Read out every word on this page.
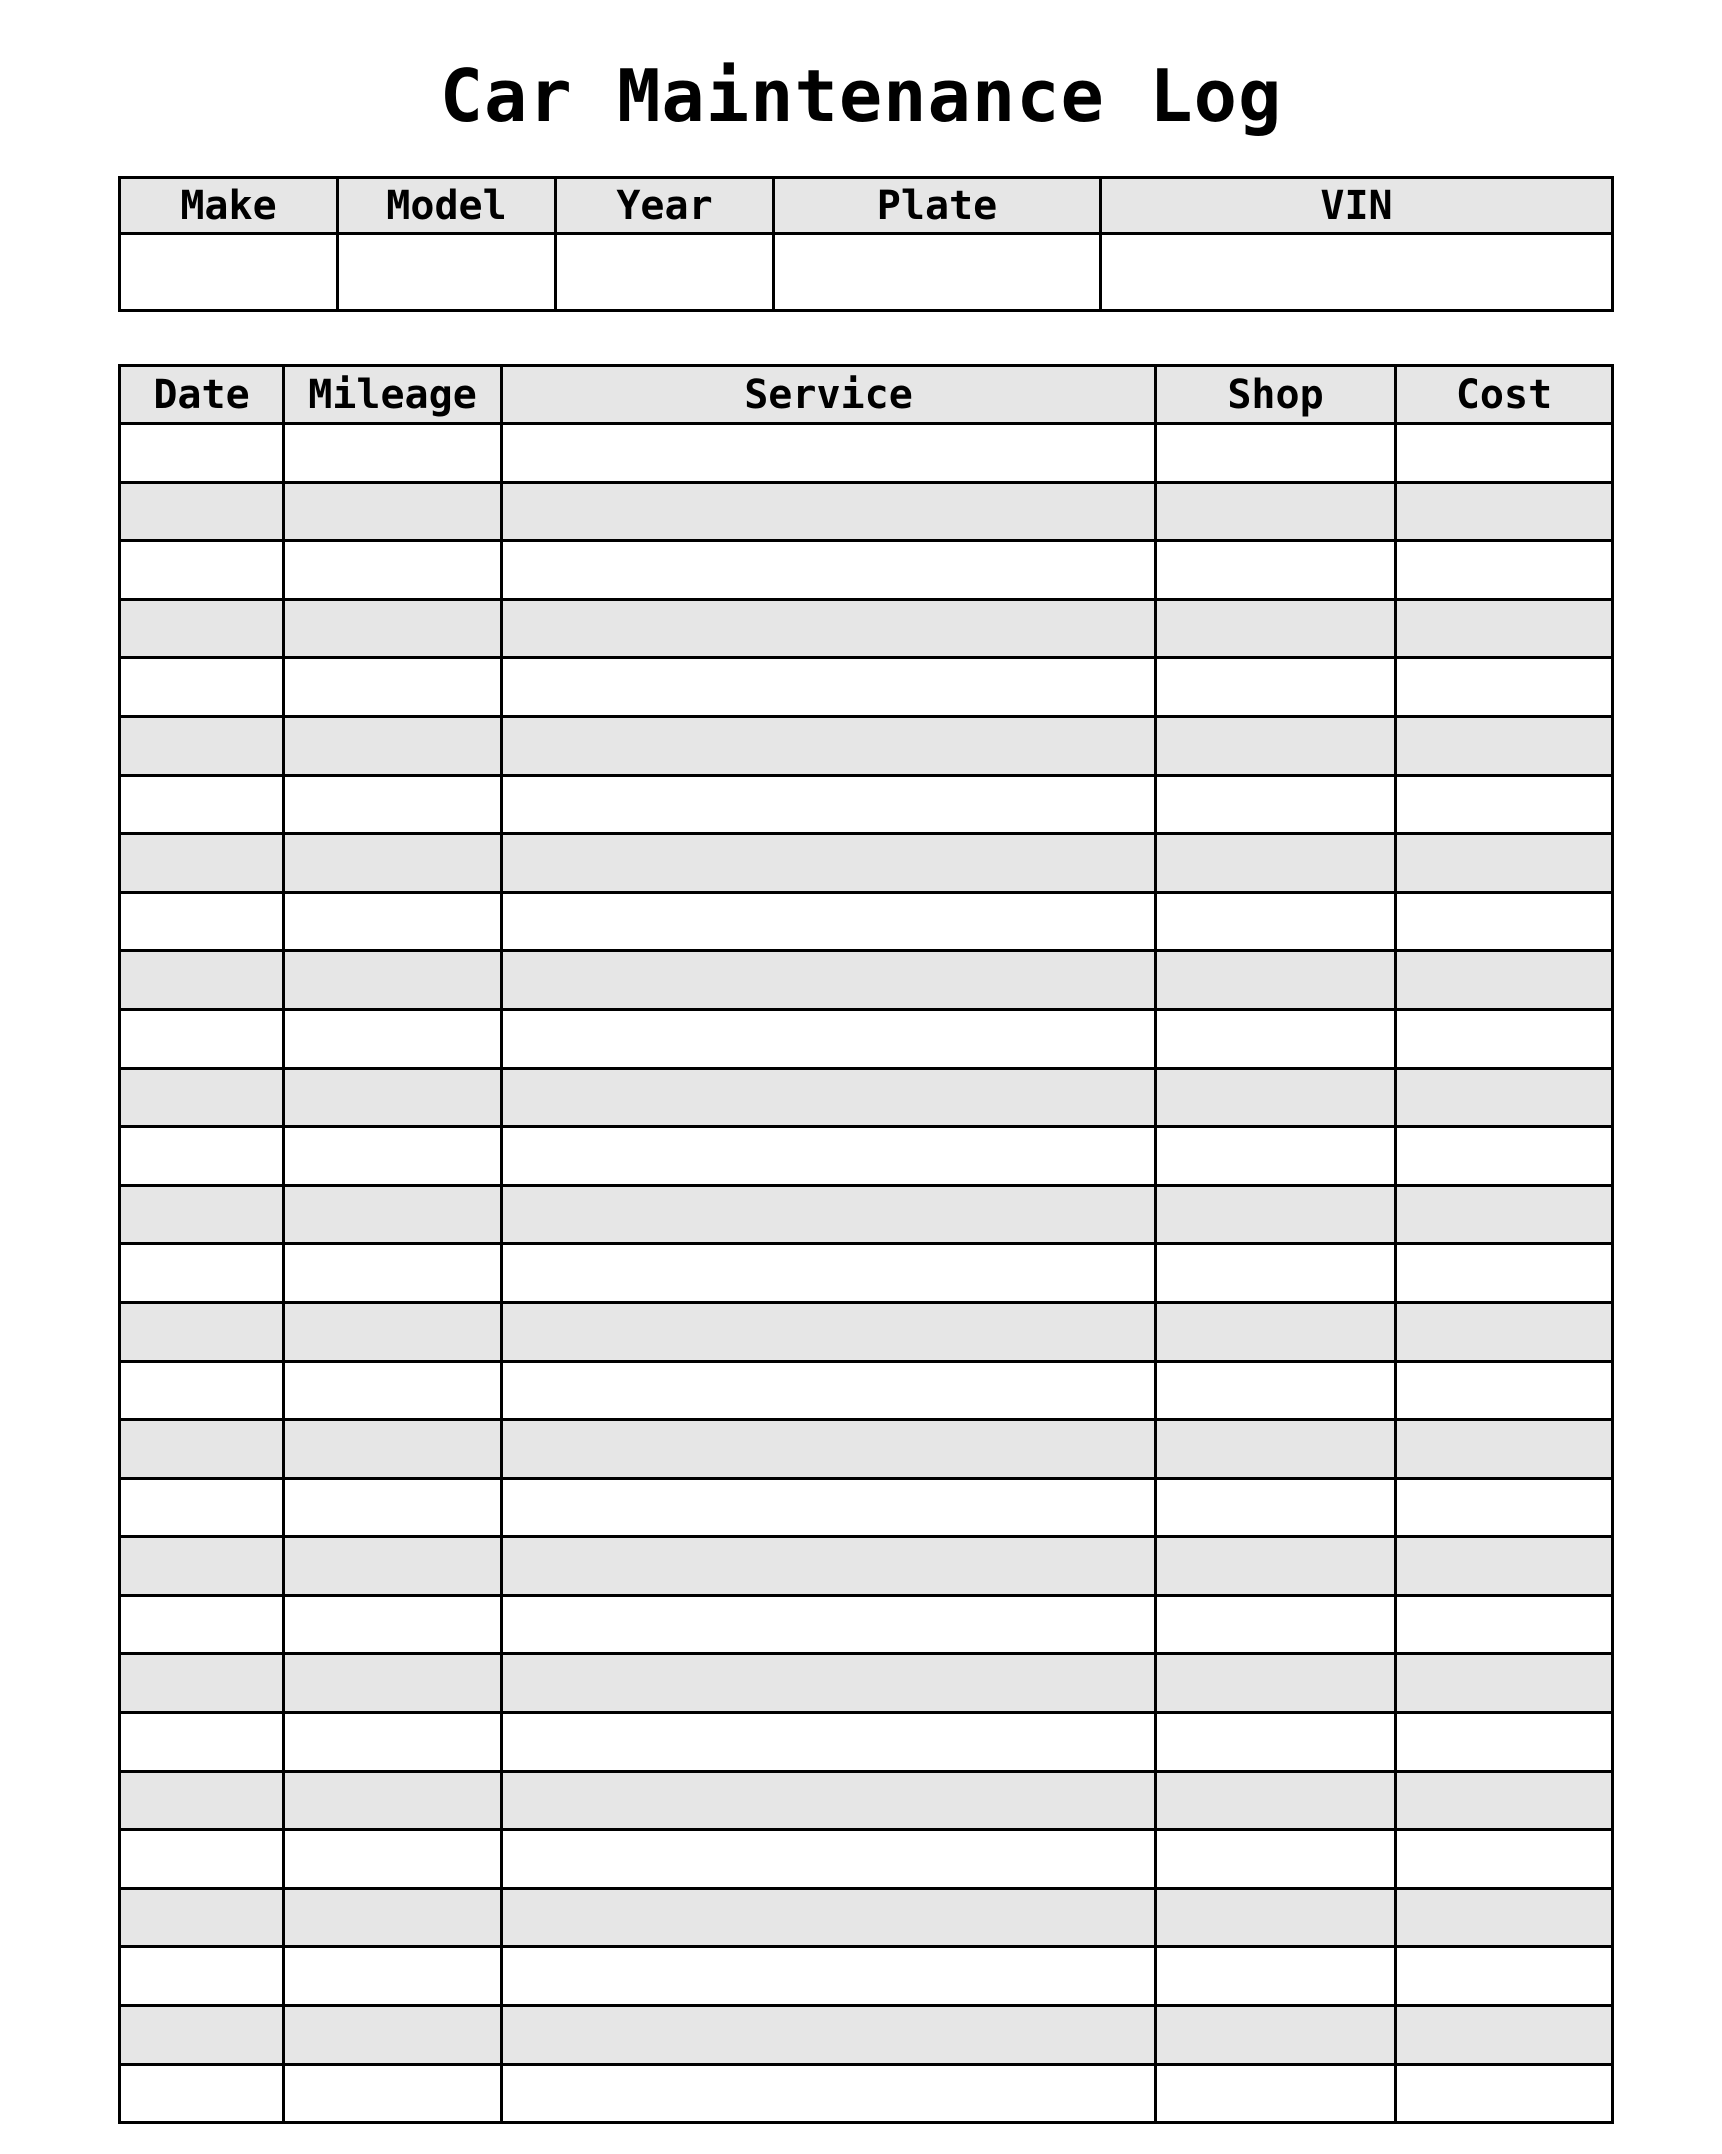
Car Maintenance Log
Make	Model	Year	Plate	VIN

Date	Mileage	Service	Shop	Cost
